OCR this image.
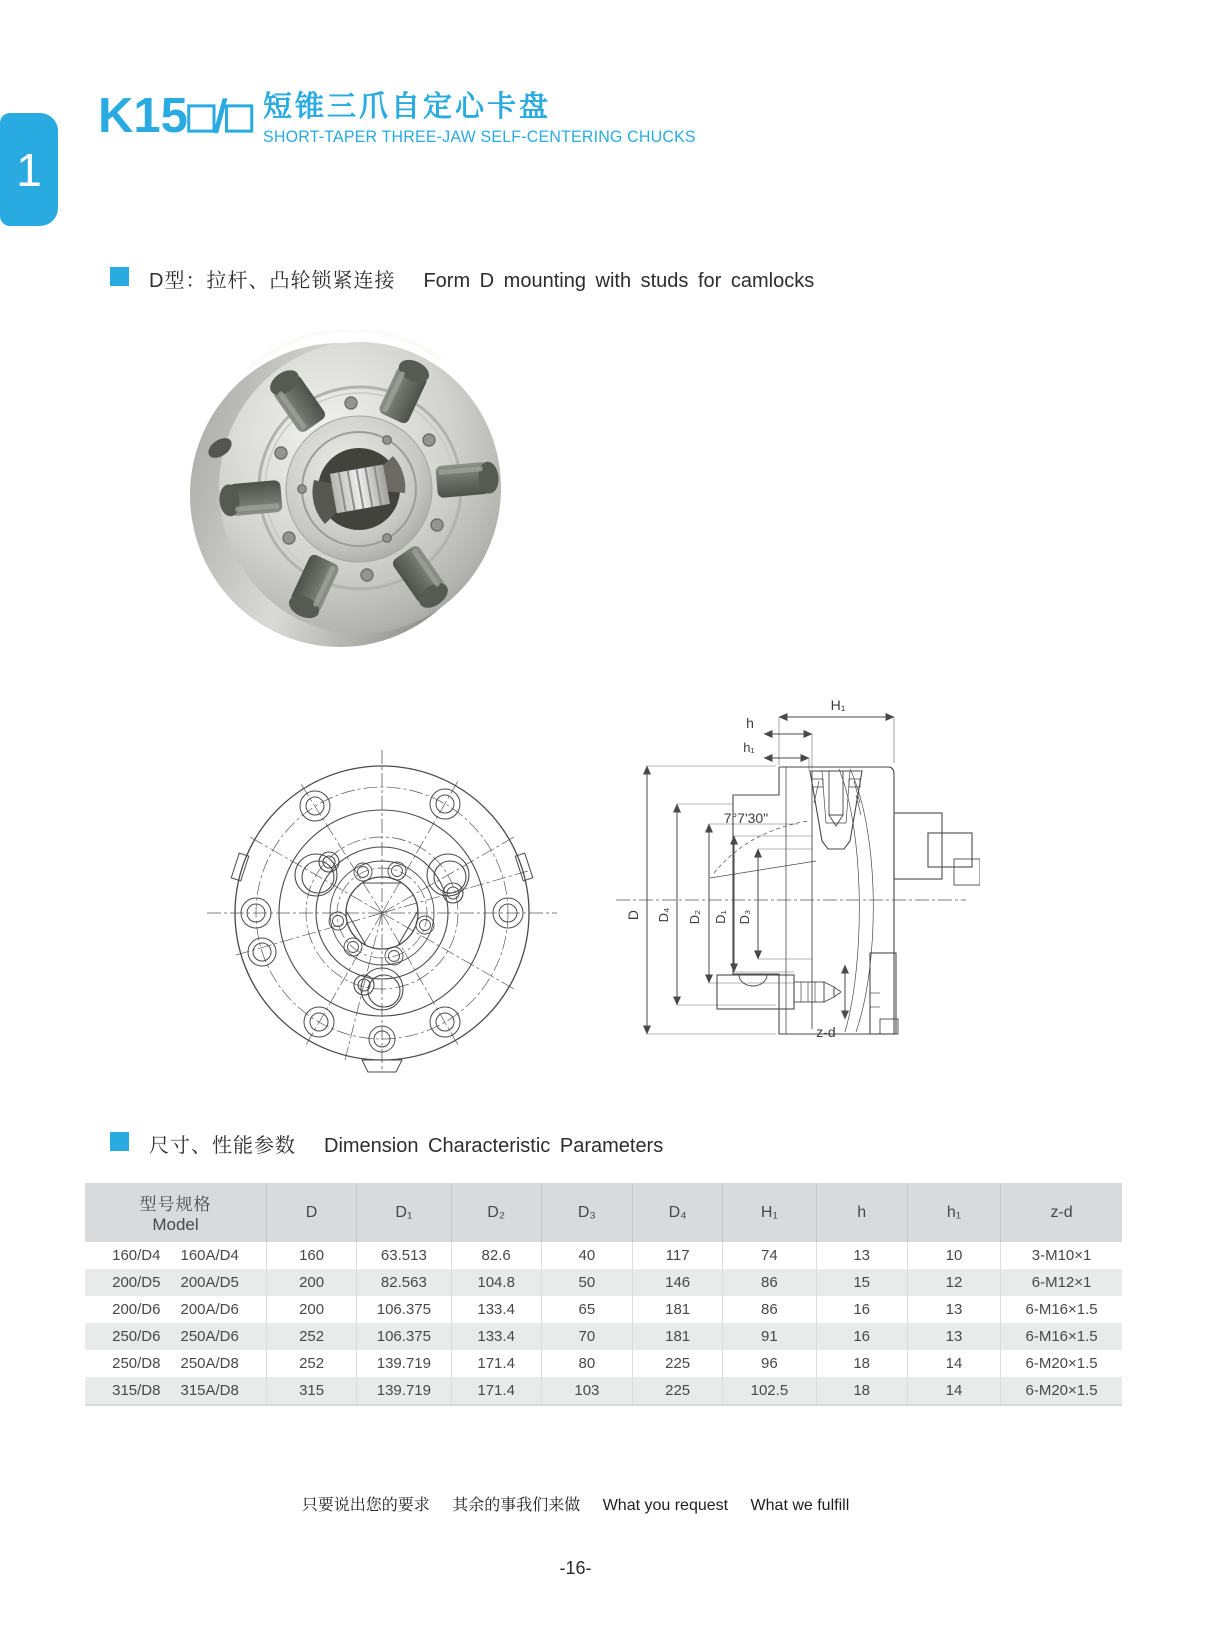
1
K15□/□ 短锥三爪自定心卡盘
SHORT-TAPER THREE-JAW SELF-CENTERING CHUCKS
D型：拉杆、凸轮锁紧连接 Form D mounting with studs for camlocks
D D₄ D₂ D₁ D₃
H₁
h
h₁
7°7'30"
z-d
尺寸、性能参数 Dimension Characteristic Parameters
型号规格
Model	D	D₁	D₂	D₃	D₄	H₁	h	h₁	z-d
160/D4 160A/D4	160	63.513	82.6	40	117	74	13	10	3-M10×1
200/D5 200A/D5	200	82.563	104.8	50	146	86	15	12	6-M12×1
200/D6 200A/D6	200	106.375	133.4	65	181	86	16	13	6-M16×1.5
250/D6 250A/D6	252	106.375	133.4	70	181	91	16	13	6-M16×1.5
250/D8 250A/D8	252	139.719	171.4	80	225	96	18	14	6-M20×1.5
315/D8 315A/D8	315	139.719	171.4	103	225	102.5	18	14	6-M20×1.5
只要说出您的要求 其余的事我们来做 What you request What we fulfill
-16-
